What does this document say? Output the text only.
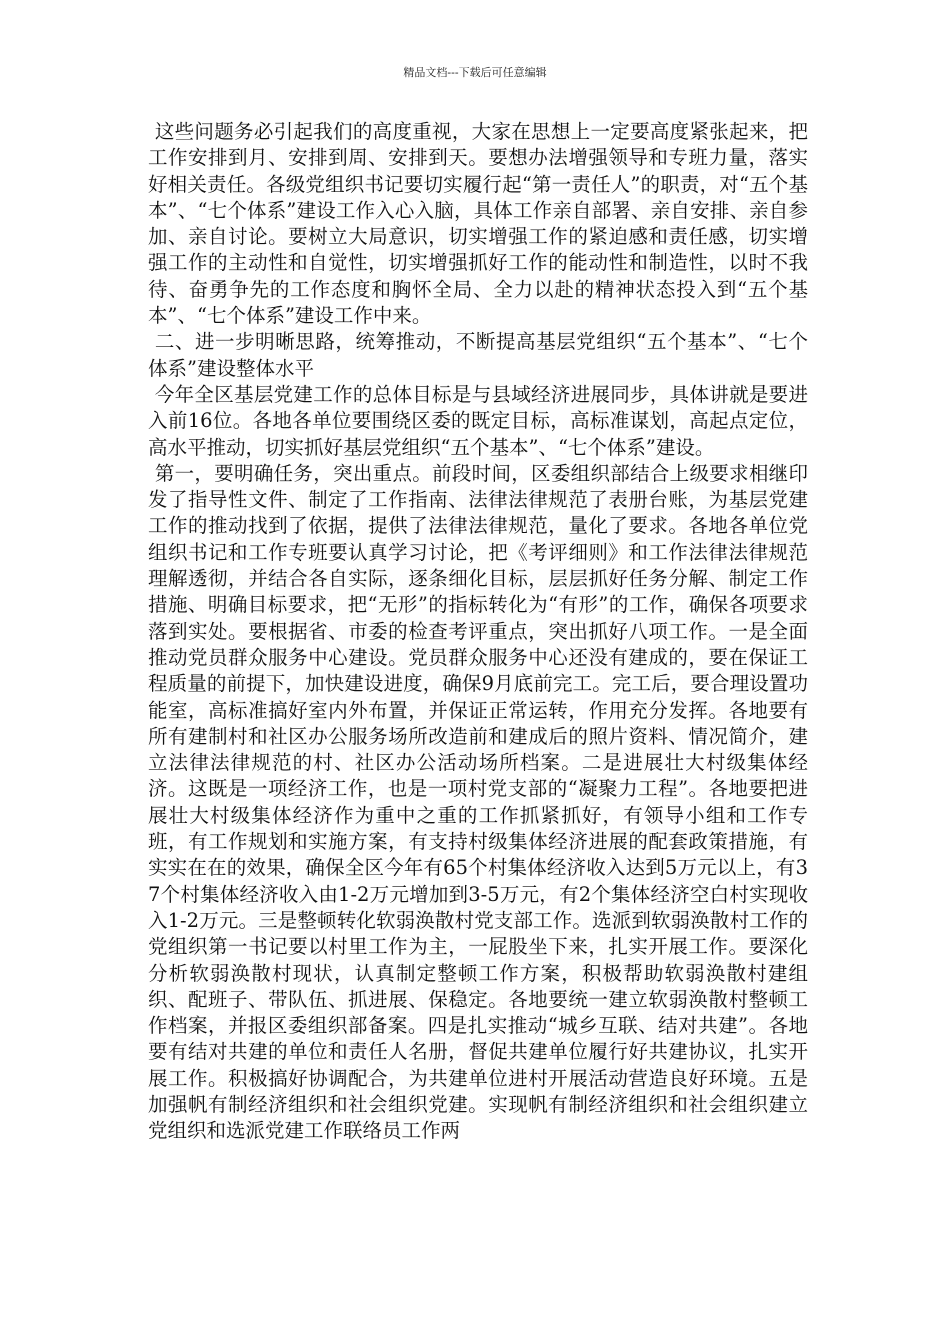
精品文档---下载后可任意编辑

这些问题务必引起我们的高度重视，大家在思想上一定要高度紧张起来，把工作安排到月、安排到周、安排到天。要想办法增强领导和专班力量，落实好相关责任。各级党组织书记要切实履行起“第一责任人”的职责，对“五个基本”、“七个体系”建设工作入心入脑，具体工作亲自部署、亲自安排、亲自参加、亲自讨论。要树立大局意识，切实增强工作的紧迫感和责任感，切实增强工作的主动性和自觉性，切实增强抓好工作的能动性和制造性，以时不我待、奋勇争先的工作态度和胸怀全局、全力以赴的精神状态投入到“五个基本”、“七个体系”建设工作中来。

二、进一步明晰思路，统筹推动，不断提高基层党组织“五个基本”、“七个体系”建设整体水平

今年全区基层党建工作的总体目标是与县域经济进展同步，具体讲就是要进入前16位。各地各单位要围绕区委的既定目标，高标准谋划，高起点定位，高水平推动，切实抓好基层党组织“五个基本”、“七个体系”建设。

第一，要明确任务，突出重点。前段时间，区委组织部结合上级要求相继印发了指导性文件、制定了工作指南、法律法律规范了表册台账，为基层党建工作的推动找到了依据，提供了法律法律规范，量化了要求。各地各单位党组织书记和工作专班要认真学习讨论，把《考评细则》和工作法律法律规范理解透彻，并结合各自实际，逐条细化目标，层层抓好任务分解、制定工作措施、明确目标要求，把“无形”的指标转化为“有形”的工作，确保各项要求落到实处。要根据省、市委的检查考评重点，突出抓好八项工作。一是全面推动党员群众服务中心建设。党员群众服务中心还没有建成的，要在保证工程质量的前提下，加快建设进度，确保9月底前完工。完工后，要合理设置功能室，高标准搞好室内外布置，并保证正常运转，作用充分发挥。各地要有所有建制村和社区办公服务场所改造前和建成后的照片资料、情况简介，建立法律法律规范的村、社区办公活动场所档案。二是进展壮大村级集体经济。这既是一项经济工作，也是一项村党支部的“凝聚力工程”。各地要把进展壮大村级集体经济作为重中之重的工作抓紧抓好，有领导小组和工作专班，有工作规划和实施方案，有支持村级集体经济进展的配套政策措施，有实实在在的效果，确保全区今年有65个村集体经济收入达到5万元以上，有37个村集体经济收入由1-2万元增加到3-5万元，有2个集体经济空白村实现收入1-2万元。三是整顿转化软弱涣散村党支部工作。选派到软弱涣散村工作的党组织第一书记要以村里工作为主，一屁股坐下来，扎实开展工作。要深化分析软弱涣散村现状，认真制定整顿工作方案，积极帮助软弱涣散村建组织、配班子、带队伍、抓进展、保稳定。各地要统一建立软弱涣散村整顿工作档案，并报区委组织部备案。四是扎实推动“城乡互联、结对共建”。各地要有结对共建的单位和责任人名册，督促共建单位履行好共建协议，扎实开展工作。积极搞好协调配合，为共建单位进村开展活动营造良好环境。五是加强帆有制经济组织和社会组织党建。实现帆有制经济组织和社会组织建立党组织和选派党建工作联络员工作两
